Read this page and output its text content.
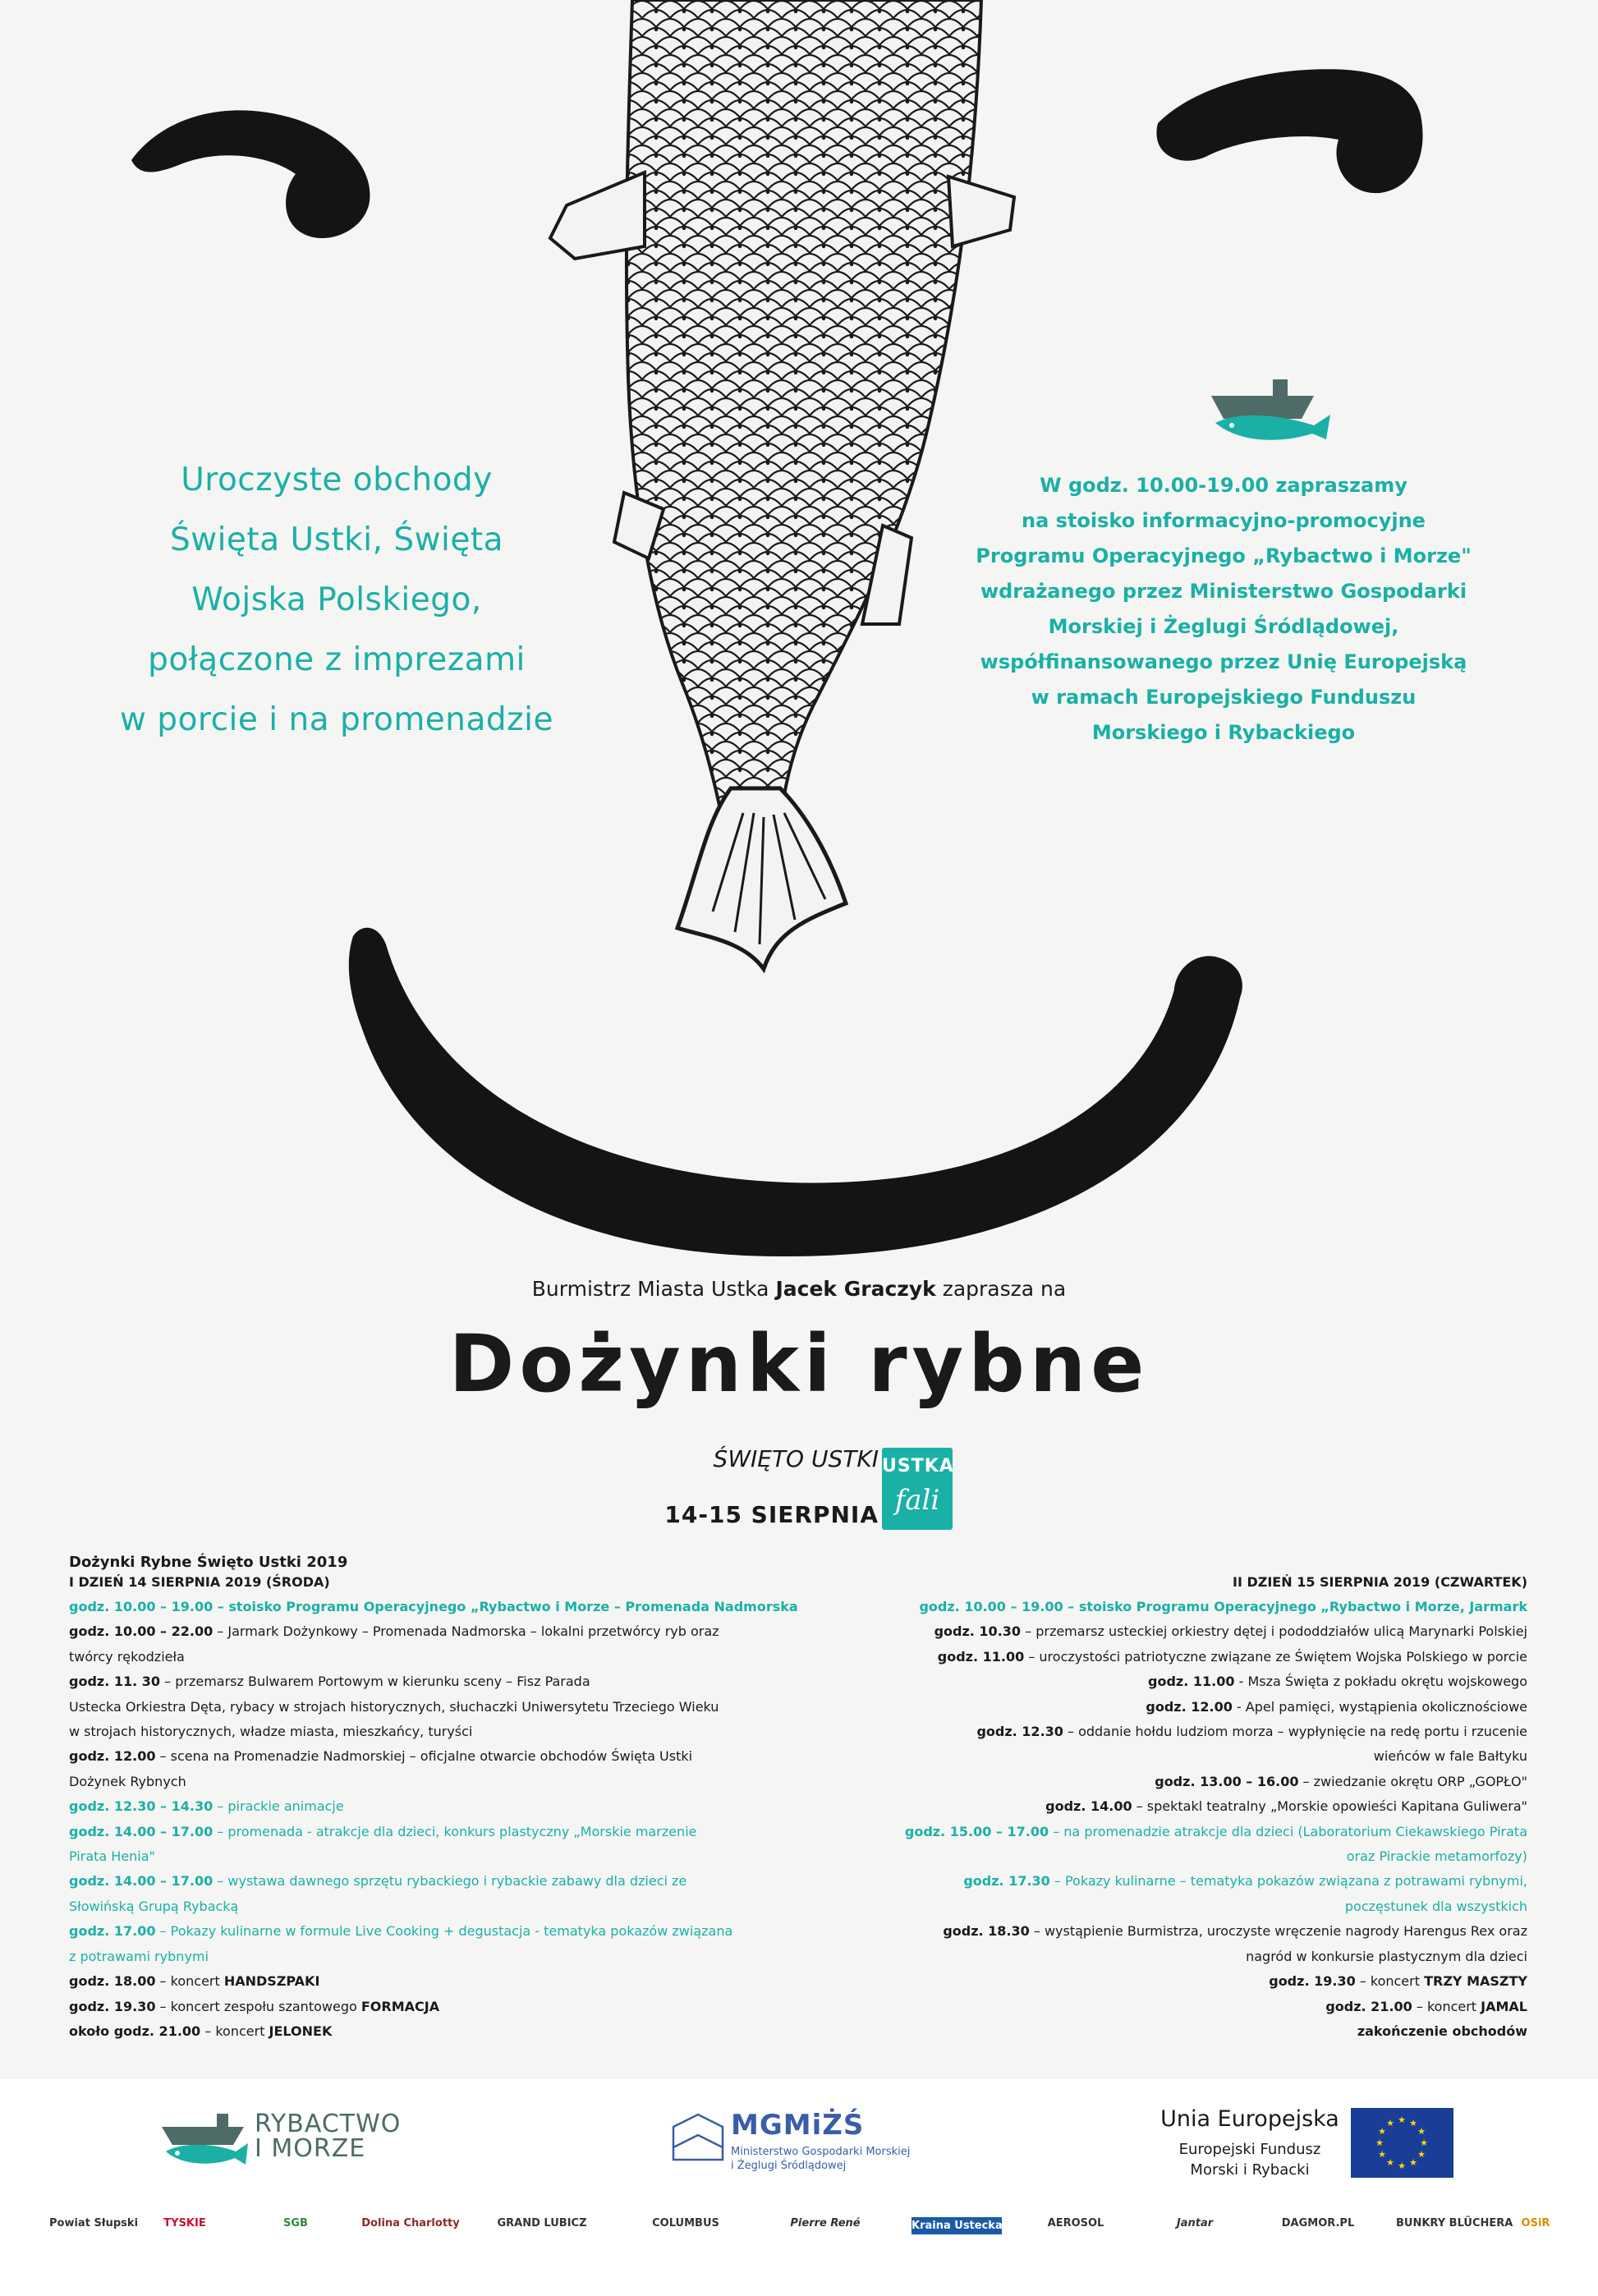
Uroczyste obchody
Święta Ustki, Święta
Wojska Polskiego,
połączone z imprezami
w porcie i na promenadzie
W godz. 10.00-19.00 zapraszamy
na stoisko informacyjno-promocyjne
Programu Operacyjnego „Rybactwo i Morze"
wdrażanego przez Ministerstwo Gospodarki
Morskiej i Żeglugi Śródlądowej,
współfinansowanego przez Unię Europejską
w ramach Europejskiego Funduszu
Morskiego i Rybackiego
Burmistrz Miasta Ustka Jacek Graczyk zaprasza na
Dożynki rybne
ŚWIĘTO USTKI
14-15 SIERPNIA
USTKA
fali
Dożynki Rybne Święto Ustki 2019
I DZIEŃ 14 SIERPNIA 2019 (ŚRODA)	II DZIEŃ 15 SIERPNIA 2019 (CZWARTEK)
godz. 10.00 – 19.00 – stoisko Programu Operacyjnego „Rybactwo i Morze – Promenada Nadmorska
godz. 10.00 – 22.00 – Jarmark Dożynkowy – Promenada Nadmorska – lokalni przetwórcy ryb oraz
twórcy rękodzieła
godz. 11. 30 – przemarsz Bulwarem Portowym w kierunku sceny – Fisz Parada
Ustecka Orkiestra Dęta, rybacy w strojach historycznych, słuchaczki Uniwersytetu Trzeciego Wieku
w strojach historycznych, władze miasta, mieszkańcy, turyści
godz. 12.00 – scena na Promenadzie Nadmorskiej – oficjalne otwarcie obchodów Święta Ustki
Dożynek Rybnych
godz. 12.30 – 14.30 – pirackie animacje
godz. 14.00 – 17.00 – promenada - atrakcje dla dzieci, konkurs plastyczny „Morskie marzenie
Pirata Henia"
godz. 14.00 – 17.00 – wystawa dawnego sprzętu rybackiego i rybackie zabawy dla dzieci ze
Słowińską Grupą Rybacką
godz. 17.00 – Pokazy kulinarne w formule Live Cooking + degustacja - tematyka pokazów związana
z potrawami rybnymi
godz. 18.00 – koncert HANDSZPAKI
godz. 19.30 – koncert zespołu szantowego FORMACJA
około godz. 21.00 – koncert JELONEK
godz. 10.00 – 19.00 – stoisko Programu Operacyjnego „Rybactwo i Morze, Jarmark
godz. 10.30 – przemarsz usteckiej orkiestry dętej i pododdziałów ulicą Marynarki Polskiej
godz. 11.00 – uroczystości patriotyczne związane ze Świętem Wojska Polskiego w porcie
godz. 11.00 - Msza Święta z pokładu okrętu wojskowego
godz. 12.00 - Apel pamięci, wystąpienia okolicznościowe
godz. 12.30 – oddanie hołdu ludziom morza – wypłynięcie na redę portu i rzucenie
wieńców w fale Bałtyku
godz. 13.00 – 16.00 – zwiedzanie okrętu ORP „GOPŁO"
godz. 14.00 – spektakl teatralny „Morskie opowieści Kapitana Guliwera"
godz. 15.00 – 17.00 – na promenadzie atrakcje dla dzieci (Laboratorium Ciekawskiego Pirata
oraz Pirackie metamorfozy)
godz. 17.30 – Pokazy kulinarne – tematyka pokazów związana z potrawami rybnymi,
poczęstunek dla wszystkich
godz. 18.30 – wystąpienie Burmistrza, uroczyste wręczenie nagrody Harengus Rex oraz
nagród w konkursie plastycznym dla dzieci
godz. 19.30 – koncert TRZY MASZTY
godz. 21.00 – koncert JAMAL
zakończenie obchodów
RYBACTWO
I MORZE
MGMiŻŚ
Ministerstwo Gospodarki Morskiej
i Żeglugi Śródlądowej
Unia Europejska
Europejski Fundusz
Morski i Rybacki
★ ★
★
★
★
★
★
★
★
★
★
★
Powiat Słupski	TYSKIE	SGB	Dolina Charlotty	GRAND LUBICZ	COLUMBUS	Pierre René	Kraina Ustecka	AEROSOL	Jantar	DAGMOR.PL	BUNKRY BLÜCHERA OSiR
